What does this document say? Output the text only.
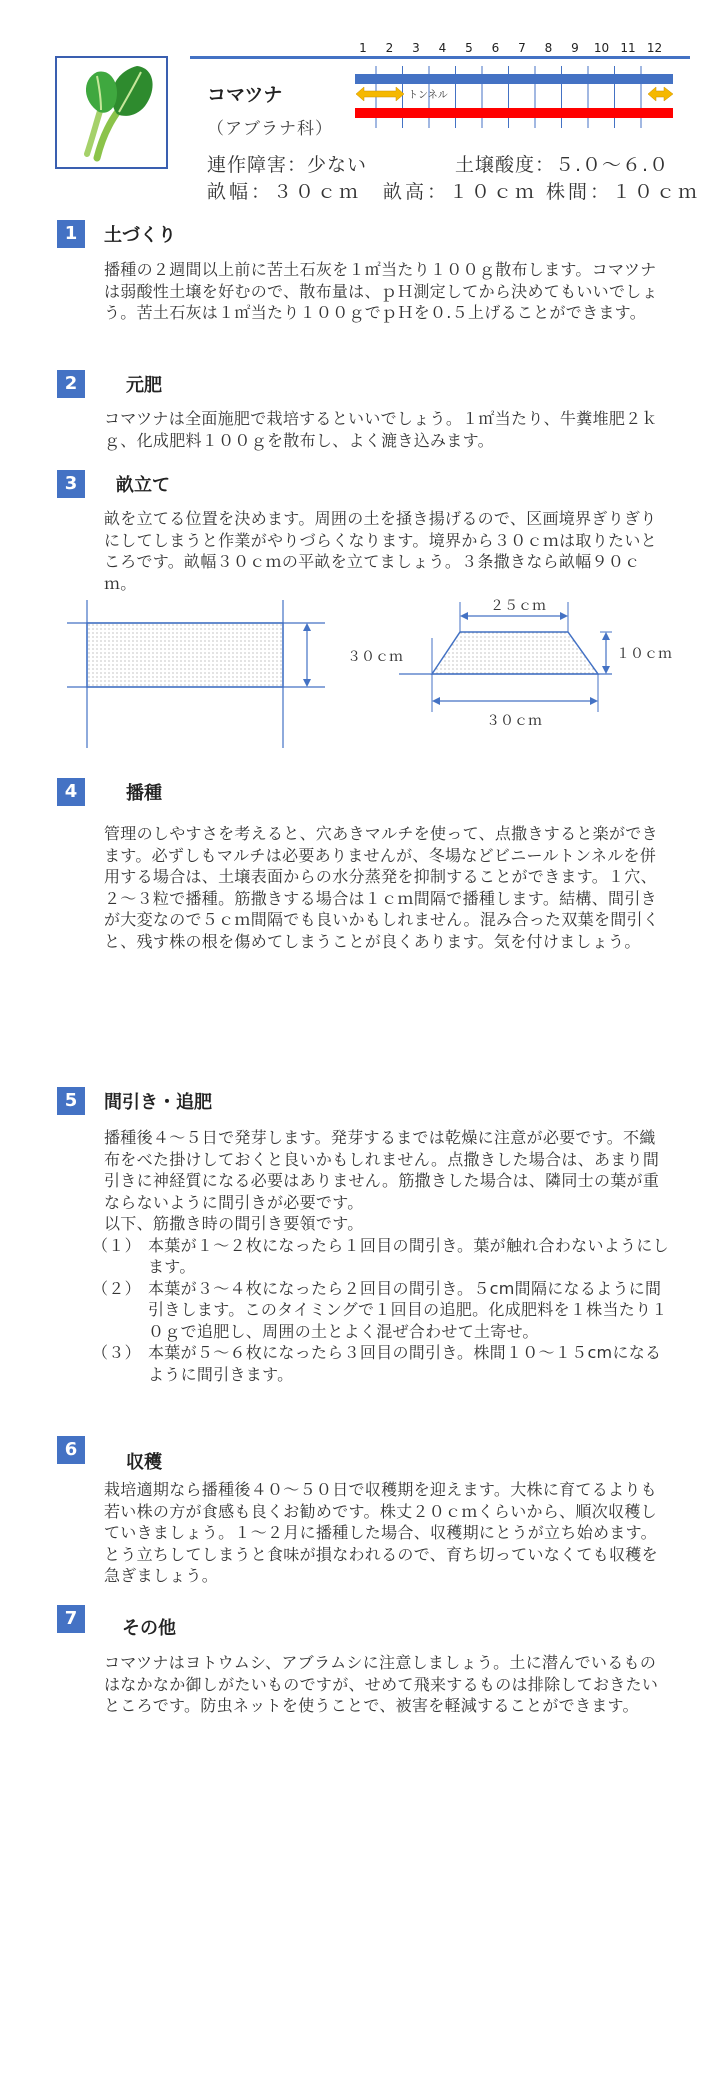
1 2 3 4 5 6 7 8 9 10 11 12
トンネル
コマツナ
（アブラナ科）
連作障害：少ない	土壌酸度：５.０～６.０
畝幅：３０ｃｍ　畝高：１０ｃｍ 株間：１０ｃｍ
1	土づくり
播種の２週間以上前に苦土石灰を１㎡当たり１００ｇ散布します。コマツナは弱酸性土壌を好むので、散布量は、ｐＨ測定してから決めてもいいでしょう。苦土石灰は１㎡当たり１００ｇでｐＨを０.５上げることができます。
2	元肥
コマツナは全面施肥で栽培するといいでしょう。１㎡当たり、牛糞堆肥２ｋｇ、化成肥料１００ｇを散布し、よく漉き込みます。
3	畝立て
畝を立てる位置を決めます。周囲の土を掻き揚げるので、区画境界ぎりぎりにしてしまうと作業がやりづらくなります。境界から３０ｃｍは取りたいところです。畝幅３０ｃｍの平畝を立てましょう。３条撒きなら畝幅９０ｃｍ。
３０ｃｍ
２５ｃｍ
１０ｃｍ
３０ｃｍ
4	播種
管理のしやすさを考えると、穴あきマルチを使って、点撒きすると楽ができます。必ずしもマルチは必要ありませんが、冬場などビニールトンネルを併用する場合は、土壌表面からの水分蒸発を抑制することができます。１穴、２～３粒で播種。筋撒きする場合は１ｃｍ間隔で播種します。結構、間引きが大変なので５ｃｍ間隔でも良いかもしれません。混み合った双葉を間引くと、残す株の根を傷めてしまうことが良くあります。気を付けましょう。
5	間引き・追肥

播種後４～５日で発芽します。発芽するまでは乾燥に注意が必要です。不織布をべた掛けしておくと良いかもしれません。点撒きした場合は、あまり間引きに神経質になる必要はありません。筋撒きした場合は、隣同士の葉が重ならないように間引きが必要です。

以下、筋撒き時の間引き要領です。

（１） 本葉が１～２枚になったら１回目の間引き。葉が触れ合わないようにします。
（２） 本葉が３～４枚になったら２回目の間引き。５cm間隔になるように間引きします。このタイミングで１回目の追肥。化成肥料を１株当たり１０ｇで追肥し、周囲の土とよく混ぜ合わせて土寄せ。
（３） 本葉が５～６枚になったら３回目の間引き。株間１０～１５cmになるように間引きます。
6
収穫
栽培適期なら播種後４０～５０日で収穫期を迎えます。大株に育てるよりも若い株の方が食感も良くお勧めです。株丈２０ｃｍくらいから、順次収穫していきましょう。１～２月に播種した場合、収穫期にとうが立ち始めます。とう立ちしてしまうと食味が損なわれるので、育ち切っていなくても収穫を急ぎましょう。
7	その他
コマツナはヨトウムシ、アブラムシに注意しましょう。土に潜んでいるものはなかなか御しがたいものですが、せめて飛来するものは排除しておきたいところです。防虫ネットを使うことで、被害を軽減することができます。
